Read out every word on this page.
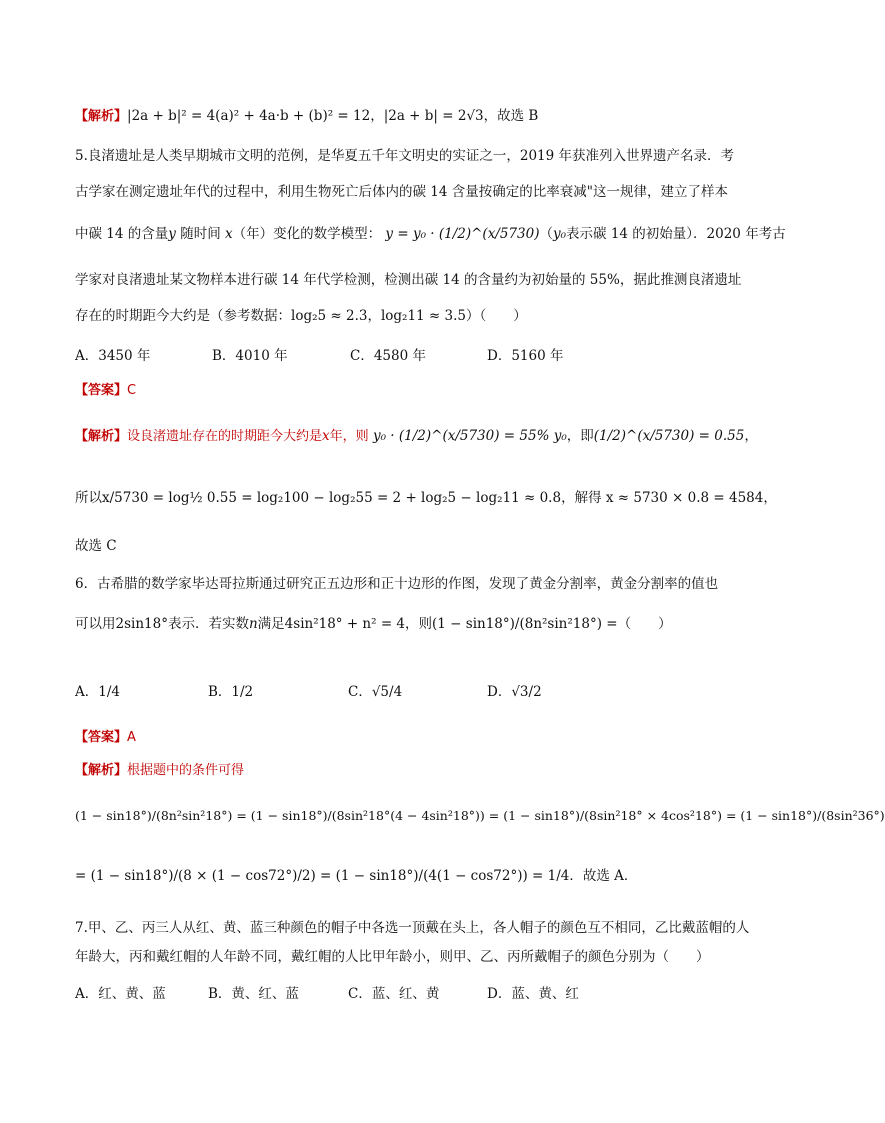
【解析】|2a + b|² = 4(a)² + 4a·b + (b)² = 12，|2a + b| = 2√3，故选 B
5.良渚遗址是人类早期城市文明的范例，是华夏五千年文明史的实证之一，2019 年获准列入世界遗产名录．考
古学家在测定遗址年代的过程中，利用生物死亡后体内的碳 14 含量按确定的比率衰减"这一规律，建立了样本
中碳 14 的含量y 随时间 x（年）变化的数学模型： y = y₀ · (1/2)^(x/5730)（y₀表示碳 14 的初始量）．2020 年考古
学家对良渚遗址某文物样本进行碳 14 年代学检测，检测出碳 14 的含量约为初始量的 55%，据此推测良渚遗址
存在的时期距今大约是（参考数据：log₂5 ≈ 2.3，log₂11 ≈ 3.5）（　　）
A．3450 年	B．4010 年	C．4580 年	D．5160 年
【答案】C
【解析】设良渚遗址存在的时期距今大约是x年，则 y₀ · (1/2)^(x/5730) = 55% y₀，即(1/2)^(x/5730) = 0.55，
所以x/5730 = log½ 0.55 = log₂100 − log₂55 = 2 + log₂5 − log₂11 ≈ 0.8，解得 x ≈ 5730 × 0.8 = 4584，
故选 C
6．古希腊的数学家毕达哥拉斯通过研究正五边形和正十边形的作图，发现了黄金分割率，黄金分割率的值也
可以用2sin18°表示．若实数n满足4sin²18° + n² = 4，则(1 − sin18°)/(8n²sin²18°) =（　　）
A．1/4	B．1/2	C．√5/4	D．√3/2
【答案】A
【解析】根据题中的条件可得
(1 − sin18°)/(8n²sin²18°) = (1 − sin18°)/(8sin²18°(4 − 4sin²18°)) = (1 − sin18°)/(8sin²18° × 4cos²18°) = (1 − sin18°)/(8sin²36°)
= (1 − sin18°)/(8 × (1 − cos72°)/2) = (1 − sin18°)/(4(1 − cos72°)) = 1/4．故选 A．
7.甲、乙、丙三人从红、黄、蓝三种颜色的帽子中各选一顶戴在头上，各人帽子的颜色互不相同，乙比戴蓝帽的人
年龄大，丙和戴红帽的人年龄不同，戴红帽的人比甲年龄小，则甲、乙、丙所戴帽子的颜色分别为（　　）
A．红、黄、蓝	B．黄、红、蓝	C．蓝、红、黄	D．蓝、黄、红
